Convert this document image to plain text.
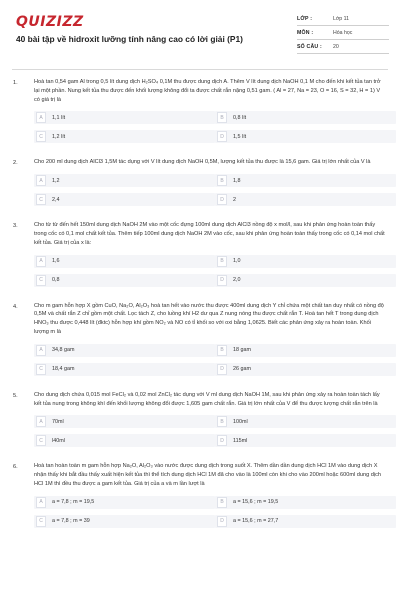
QUIZIZZ
40 bài tập về hidroxit lưỡng tính nâng cao có lời giải (P1)
LỚP :	Lớp 11
MÔN :	Hóa học
SỐ CÂU :	20
1.	Hoà tan 0,54 gam Al trong 0,5 lít dung dịch H₂SO₄ 0,1M thu được dung dịch A. Thêm V lít dung dịch NaOH 0,1 M cho đến khi kết tủa tan trở lại một phần. Nung kết tủa thu được đến khối lượng không đổi ta được chất rắn nặng 0,51 gam. ( Al = 27, Na = 23, O = 16, S = 32, H = 1) V có giá trị là
A	1,1 lít	B	0,8 lít
C	1,2 lít	D	1,5 lít
2.	Cho 200 ml dung dịch AlCl3 1,5M tác dụng với V lít dung dịch NaOH 0,5M, lượng kết tủa thu được là 15,6 gam. Giá trị lớn nhất của V là
A	1,2	B	1,8
C	2,4	D	2
3.	Cho từ từ đến hết 150ml dung dịch NaOH 2M vào một cốc đựng 100ml dung dịch AlCl3 nồng độ x mol/l, sau khi phản ứng hoàn toàn thấy trong cốc có 0,1 mol chất kết tủa. Thêm tiếp 100ml dung dịch NaOH 2M vào cốc, sau khi phản ứng hoàn toàn thấy trong cốc có 0,14 mol chất kết tủa. Giá trị của x là:
A	1,6	B	1,0
C	0,8	D	2,0
4.	Cho m gam hỗn hợp X gồm CuO, Na₂O, Al₂O₃ hoà tan hết vào nước thu được 400ml dung dịch Y chỉ chứa một chất tan duy nhất có nồng độ 0,5M và chất rắn Z chỉ gồm một chất. Lọc tách Z, cho luồng khí H2 dư qua Z nung nóng thu được chất rắn T. Hoà tan hết T trong dung dịch HNO₃ thu được 0,448 lít (đktc) hỗn hợp khí gồm NO₂ và NO có tỉ khối so với oxi bằng 1,0625. Biết các phản ứng xảy ra hoàn toàn. Khối lượng m là
A	34,8 gam	B	18 gam
C	18,4 gam	D	26 gam
5.	Cho dung dịch chứa 0,015 mol FeCl₂ và 0,02 mol ZnCl₂ tác dụng với V ml dung dịch NaOH 1M, sau khi phản ứng xảy ra hoàn toàn tách lấy kết tủa nung trong không khí đến khối lượng không đổi được 1,605 gam chất rắn. Giá trị lớn nhất của V để thu được lượng chất rắn trên là
A	70ml	B	100ml
C	l40ml	D	115ml
6.	Hoà tan hoàn toàn m gam hỗn hợp Na₂O, Al₂O₃ vào nước được dung dịch trong suốt X. Thêm dần dần dung dịch HCl 1M vào dung dịch X nhận thấy khi bắt đầu thấy xuất hiện kết tủa thì thể tích dung dịch HCl 1M đã cho vào là 100ml còn khi cho vào 200ml hoặc 600ml dung dịch HCl 1M thì đều thu được a gam kết tủa. Giá trị của a và m lần lượt là
A	a = 7,8 ; m = 19,5	B	a = 15,6 ; m = 19,5
C	a = 7,8 ; m = 39	D	a = 15,6 ; m = 27,7
